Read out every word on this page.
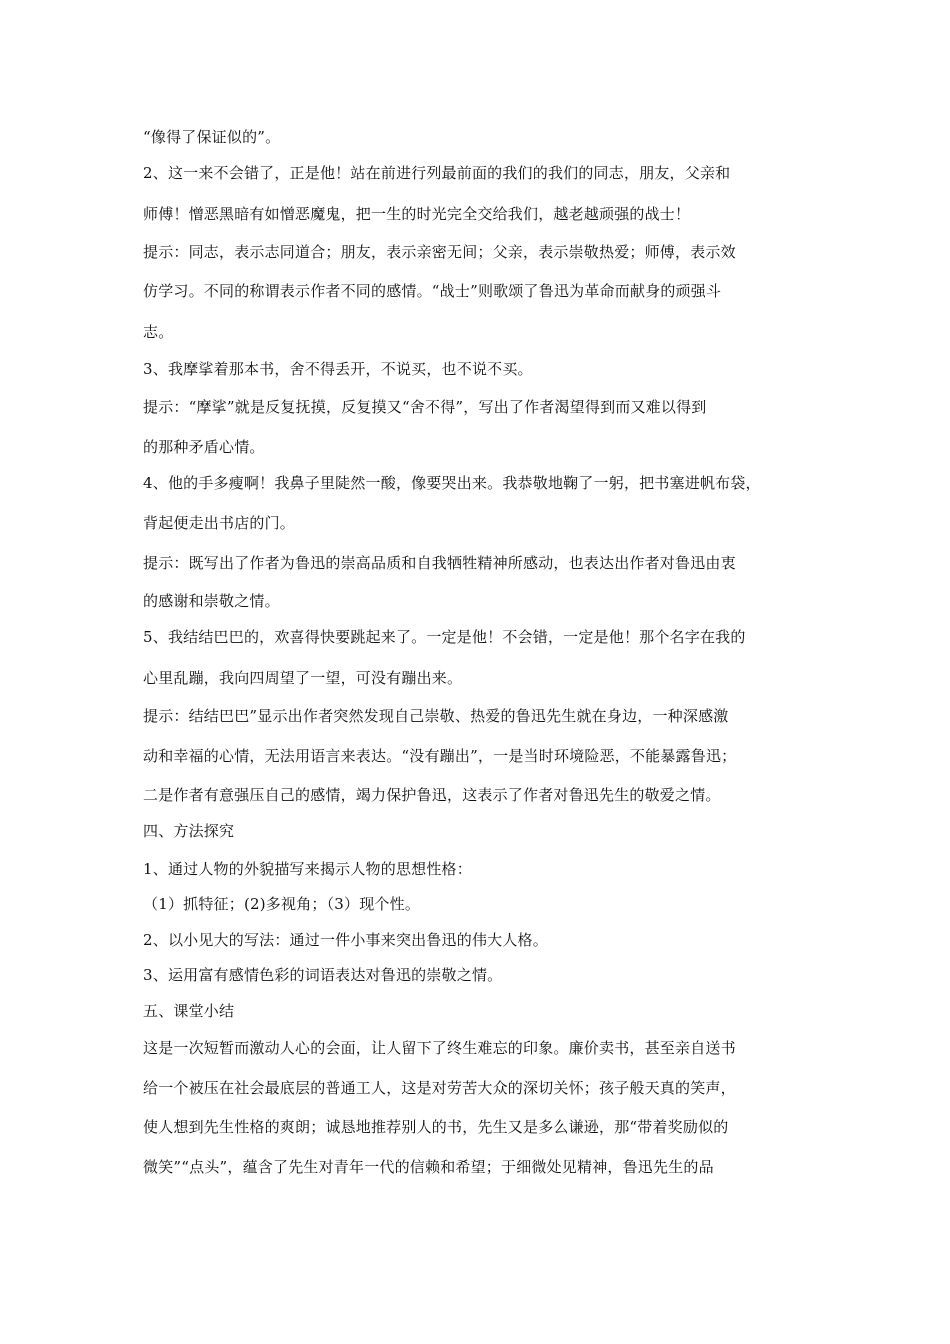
“像得了保证似的”。
2、这一来不会错了，正是他！站在前进行列最前面的我们的我们的同志，朋友，父亲和
师傅！憎恶黑暗有如憎恶魔鬼，把一生的时光完全交给我们，越老越顽强的战士！
提示：同志，表示志同道合；朋友，表示亲密无间；父亲，表示崇敬热爱；师傅，表示效
仿学习。不同的称谓表示作者不同的感情。“战士”则歌颂了鲁迅为革命而献身的顽强斗
志。
3、我摩挲着那本书，舍不得丢开，不说买，也不说不买。
提示：“摩挲”就是反复抚摸，反复摸又“舍不得”，写出了作者渴望得到而又难以得到
的那种矛盾心情。
4、他的手多瘦啊！我鼻子里陡然一酸，像要哭出来。我恭敬地鞠了一躬，把书塞进帆布袋，
背起便走出书店的门。
提示：既写出了作者为鲁迅的崇高品质和自我牺牲精神所感动，也表达出作者对鲁迅由衷
的感谢和崇敬之情。
5、我结结巴巴的，欢喜得快要跳起来了。一定是他！不会错，一定是他！那个名字在我的
心里乱蹦，我向四周望了一望，可没有蹦出来。
提示：结结巴巴”显示出作者突然发现自己崇敬、热爱的鲁迅先生就在身边，一种深感激
动和幸福的心情，无法用语言来表达。“没有蹦出”，一是当时环境险恶，不能暴露鲁迅；
二是作者有意强压自己的感情，竭力保护鲁迅，这表示了作者对鲁迅先生的敬爱之情。
四、方法探究
1、通过人物的外貌描写来揭示人物的思想性格：
（1）抓特征；(2)多视角；（3）现个性。
2、以小见大的写法：通过一件小事来突出鲁迅的伟大人格。
3、运用富有感情色彩的词语表达对鲁迅的崇敬之情。
五、课堂小结
这是一次短暂而激动人心的会面，让人留下了终生难忘的印象。廉价卖书，甚至亲自送书
给一个被压在社会最底层的普通工人，这是对劳苦大众的深切关怀；孩子般天真的笑声，
使人想到先生性格的爽朗；诚恳地推荐别人的书，先生又是多么谦逊，那“带着奖励似的
微笑”“点头”，蕴含了先生对青年一代的信赖和希望；于细微处见精神，鲁迅先生的品
